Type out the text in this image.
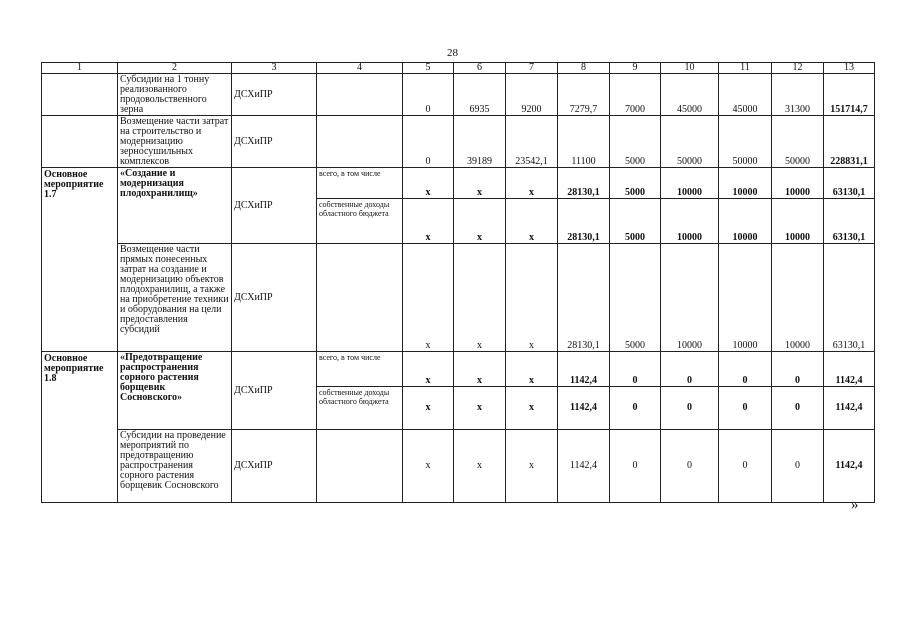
28
1	2	3	4	5	6	7	8	9	10	11	12	13
	Субсидии на 1 тонну реализованного продовольственного зерна	ДСХиПР		0	6935	9200	7279,7	7000	45000	45000	31300	151714,7
	Возмещение части затрат на строительство и модернизацию зерносушильных комплексов	ДСХиПР		0	39189	23542,1	11100	5000	50000	50000	50000	228831,1
Основное мероприятие 1.7	«Создание и модернизация плодохранилищ»	ДСХиПР	всего, в том числе	х	х	х	28130,1	5000	10000	10000	10000	63130,1
			собственные доходы областного бюджета	х	х	х	28130,1	5000	10000	10000	10000	63130,1
	Возмещение части прямых понесенных затрат на создание и модернизацию объектов плодохранилищ, а также на приобретение техники и оборудования на цели предоставления субсидий	ДСХиПР		х	х	х	28130,1	5000	10000	10000	10000	63130,1
Основное мероприятие 1.8	«Предотвращение распространения сорного растения борщевик Сосновского»	ДСХиПР	всего, в том числе	х	х	х	1142,4	0	0	0	0	1142,4
			собственные доходы областного бюджета	х	х	х	1142,4	0	0	0	0	1142,4
	Субсидии на проведение мероприятий по предотвращению распространения сорного растения борщевик Сосновского	ДСХиПР		х	х	х	1142,4	0	0	0	0	1142,4
»
